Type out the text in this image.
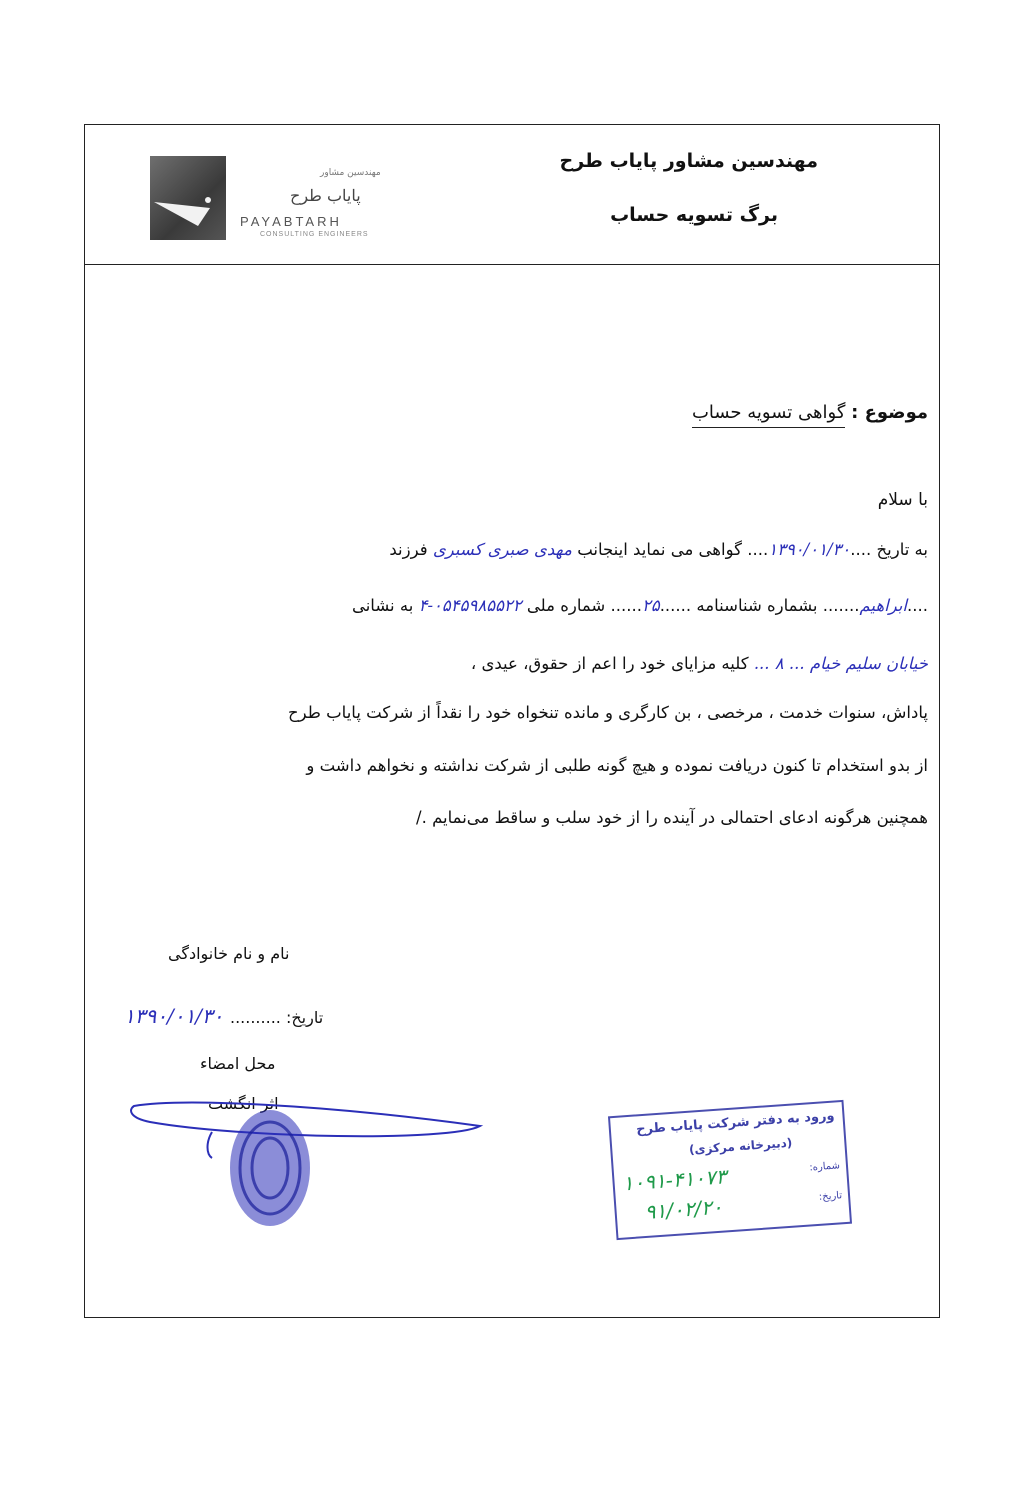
مهندسین مشاور
پایاب طرح
PAYABTARH
CONSULTING ENGINEERS
مهندسین مشاور پایاب طرح
برگ تسویه حساب
موضوع : گواهی تسویه حساب
با سلام
به تاریخ ....۱۳۹۰/۰۱/۳۰.... گواهی می نماید اینجانب مهدی صبری کسبری فرزند
....ابراهیم....... بشماره شناسنامه ......۲۵...... شماره ملی ۰۵۴۵۹۸۵۵۲۲-۴ به نشانی
خیابان سلیم خیام ... ۸ ... کلیه مزایای خود را اعم از حقوق، عیدی ،
پاداش، سنوات خدمت ، مرخصی ، بن کارگری و مانده تنخواه خود را نقداً از شرکت پایاب طرح
از بدو استخدام تا کنون دریافت نموده و هیچ گونه طلبی از شرکت نداشته و نخواهم داشت و
همچنین هرگونه ادعای احتمالی در آینده را از خود سلب و ساقط می‌نمایم ./
نام و نام خانوادگی
تاریخ: ..........
۱۳۹۰/۰۱/۳۰
محل امضاء
اثر انگشت
ورود به دفتر شرکت پایاب طرح
(دبیرخانه مرکزی)
شماره:
تاریخ:
۱۰۹۱-۴۱۰۷۳
۹۱/۰۲/۲۰
